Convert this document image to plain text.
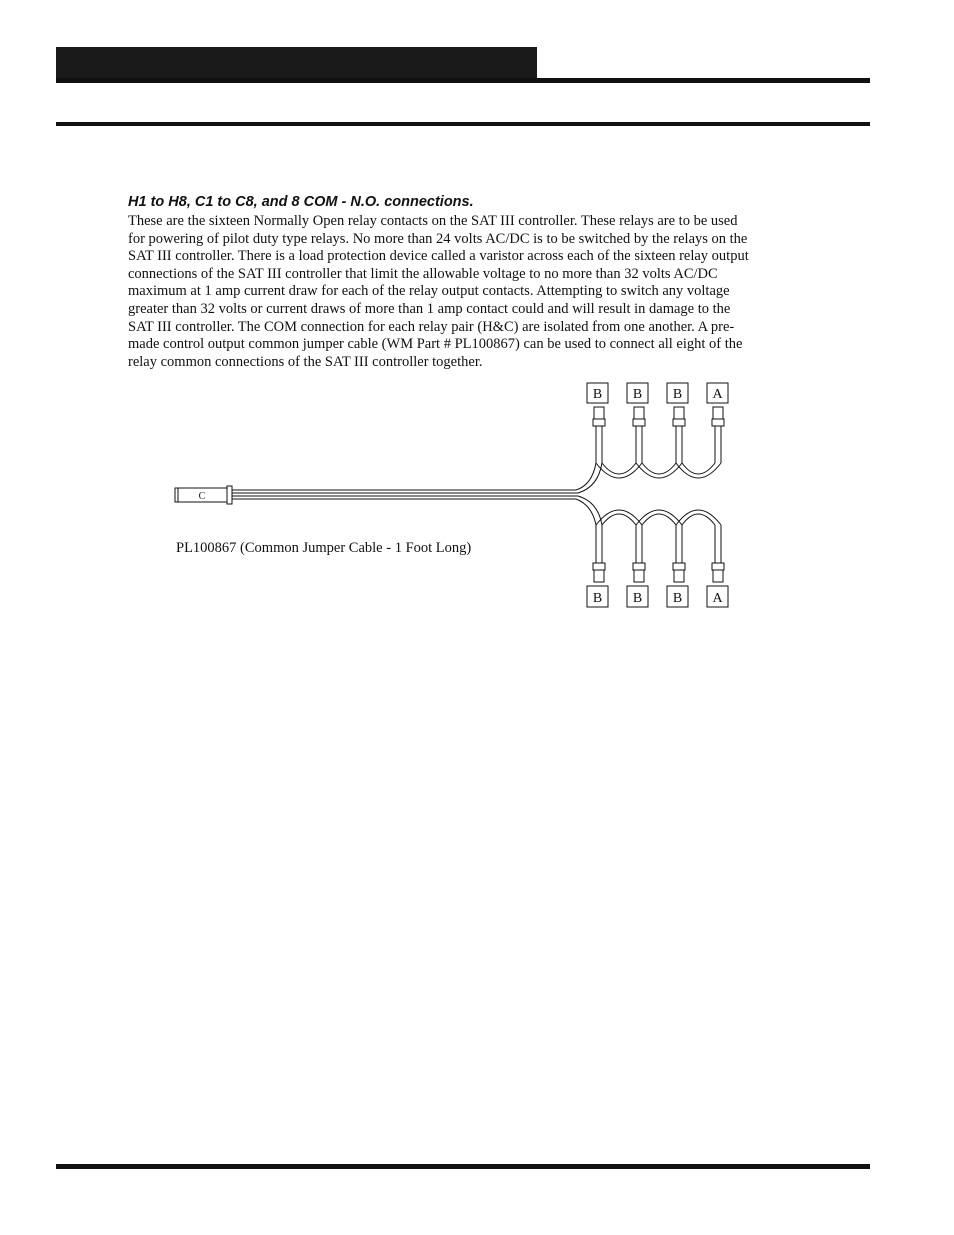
H1 to H8, C1 to C8, and 8 COM - N.O. connections.

These are the sixteen Normally Open relay contacts on the SAT III controller. These relays are to be used
for powering of pilot duty type relays. No more than 24 volts AC/DC is to be switched by the relays on the
SAT III controller. There is a load protection device called a varistor across each of the sixteen relay output
connections of the SAT III controller that limit the allowable voltage to no more than 32 volts AC/DC
maximum at 1 amp current draw for each of the relay output contacts. Attempting to switch any voltage
greater than 32 volts or current draws of more than 1 amp contact could and will result in damage to the
SAT III controller. The COM connection for each relay pair (H&C) are isolated from one another. A pre-
made control output common jumper cable (WM Part # PL100867) can be used to connect all eight of the
relay common connections of the SAT III controller together.

C
B B B A
B B B A
PL100867 (Common Jumper Cable - 1 Foot Long)
